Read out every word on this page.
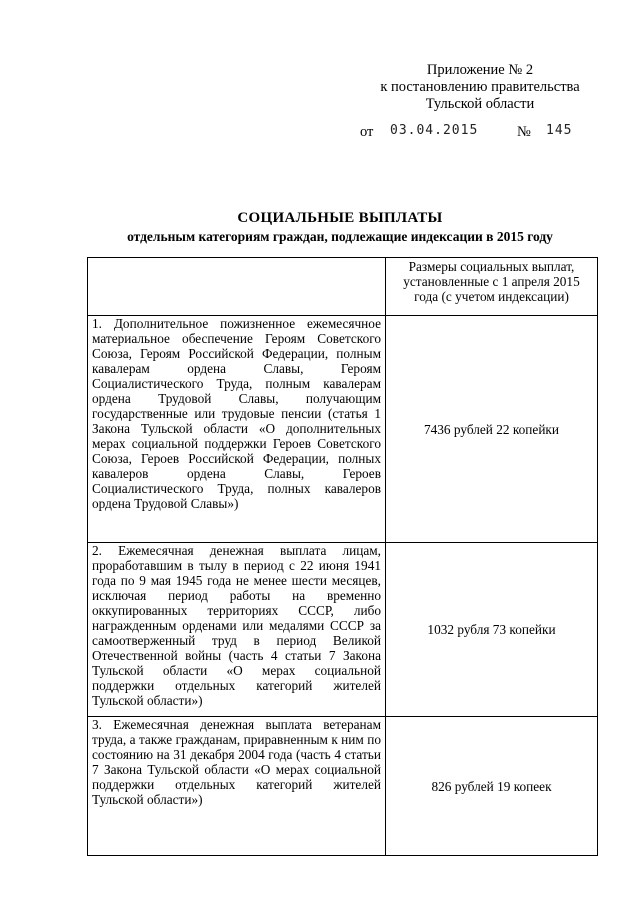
Приложение № 2
к постановлению правительства
Тульской области
от 03.04.2015	№ 145
СОЦИАЛЬНЫЕ ВЫПЛАТЫ
отдельным категориям граждан, подлежащие индексации в 2015 году
	Размеры социальных выплат, установленные с 1 апреля 2015 года (с учетом индексации)
1. Дополнительное пожизненное ежемесячное материальное обеспечение Героям Советского Союза, Героям Российской Федерации, полным кавалерам ордена Славы, Героям Социалистического Труда, полным кавалерам ордена Трудовой Славы, получающим государственные или трудовые пенсии (статья 1 Закона Тульской области «О дополнительных мерах социальной поддержки Героев Советского Союза, Героев Российской Федерации, полных кавалеров ордена Славы, Героев Социалистического Труда, полных кавалеров ордена Трудовой Славы»)	7436 рублей 22 копейки
2. Ежемесячная денежная выплата лицам, проработавшим в тылу в период с 22 июня 1941 года по 9 мая 1945 года не менее шести месяцев, исключая период работы на временно оккупированных территориях СССР, либо награжденным орденами или медалями СССР за самоотверженный труд в период Великой Отечественной войны (часть 4 статьи 7 Закона Тульской области «О мерах социальной поддержки отдельных категорий жителей Тульской области»)	1032 рубля 73 копейки
3. Ежемесячная денежная выплата ветеранам труда, а также гражданам, приравненным к ним по состоянию на 31 декабря 2004 года (часть 4 статьи 7 Закона Тульской области «О мерах социальной поддержки отдельных категорий жителей Тульской области»)	826 рублей 19 копеек
